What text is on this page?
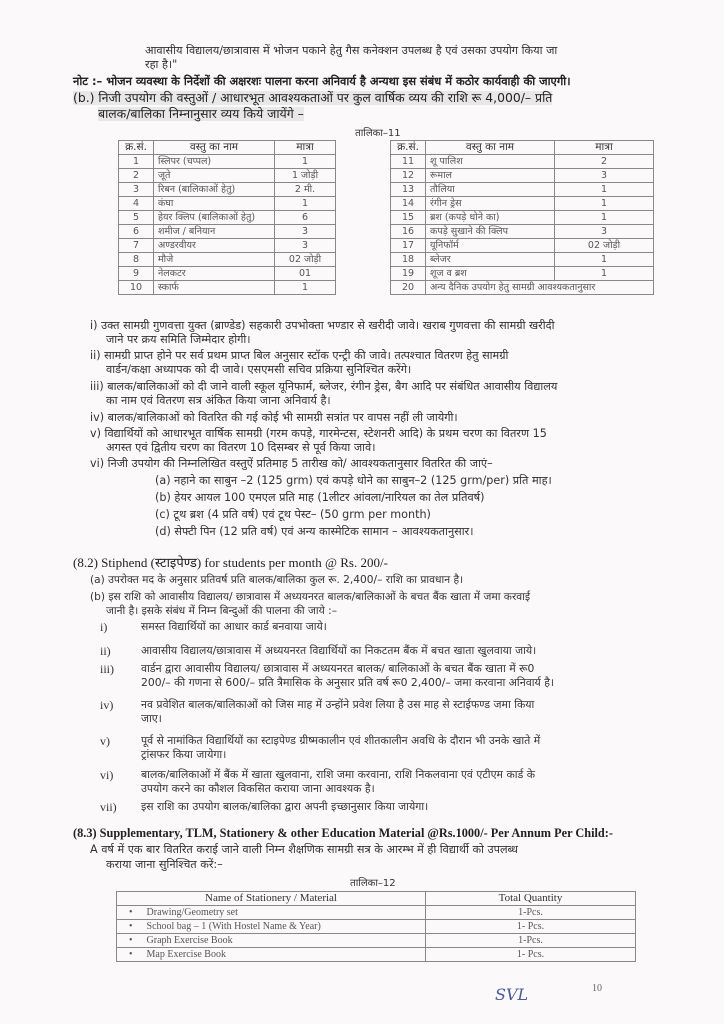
आवासीय विद्यालय/छात्रावास में भोजन पकाने हेतु गैस कनेक्शन उपलब्ध है एवं उसका उपयोग किया जा
रहा है।"
नोट :– भोजन व्यवस्था के निर्देशों की अक्षरशः पालना करना अनिवार्य है अन्यथा इस संबंध में कठोर कार्यवाही की जाएगी।
(b.) निजी उपयोग की वस्तुओं / आधारभूत आवश्यकताओं पर कुल वार्षिक व्यय की राशि रू 4,000/– प्रति
बालक/बालिका निम्नानुसार व्यय किये जायेंगे –
तालिका–11
क्र.सं.	वस्तु का नाम	मात्रा
1	स्लिपर (चप्पल)	1
2	जूते	1 जोड़ी
3	रिबन (बालिकाओं हेतु)	2 मी.
4	कंघा	1
5	हेयर क्लिप (बालिकाओं हेतु)	6
6	शमीज / बनियान	3
7	अण्डरवीयर	3
8	मौजे	02 जोड़ी
9	नेलकटर	01
10	स्कार्फ	1
क्र.सं.	वस्तु का नाम	मात्रा
11	शू पालिश	2
12	रूमाल	3
13	तौलिया	1
14	रंगीन ड्रेस	1
15	ब्रश (कपड़े धोने का)	1
16	कपड़े सुखाने की क्लिप	3
17	यूनिफॉर्म	02 जोड़ी
18	ब्लेजर	1
19	शूज व ब्रश	1
20	अन्य दैनिक उपयोग हेतु सामग्री आवश्यकतानुसार	
i) उक्त सामग्री गुणवत्ता युक्त (ब्राण्डेड) सहकारी उपभोक्ता भण्डार से खरीदी जावे। खराब गुणवत्ता की सामग्री खरीदी
जाने पर क्रय समिति जिम्मेदार होगी।
ii) सामग्री प्राप्त होने पर सर्व प्रथम प्राप्त बिल अनुसार स्टॉक एन्ट्री की जावे। तत्पश्चात वितरण हेतु सामग्री
वार्डन/कक्षा अध्यापक को दी जावे। एसएमसी सचिव प्रक्रिया सुनिश्चित करेंगे।
iii) बालक/बालिकाओं को दी जाने वाली स्कूल यूनिफार्म, ब्लेजर, रंगीन ड्रेस, बैग आदि पर संबंधित आवासीय विद्यालय
का नाम एवं वितरण सत्र अंकित किया जाना अनिवार्य है।
iv) बालक/बालिकाओं को वितरित की गई कोई भी सामग्री सत्रांत पर वापस नहीं ली जायेगी।
v) विद्यार्थियों को आधारभूत वार्षिक सामग्री (गरम कपड़े, गारमेन्टस, स्टेशनरी आदि) के प्रथम चरण का वितरण 15
अगस्त एवं द्वितीय चरण का वितरण 10 दिसम्बर से पूर्व किया जावे।
vi) निजी उपयोग की निम्नलिखित वस्तुऐं प्रतिमाह 5 तारीख को/ आवश्यकतानुसार वितरित की जाएं–
(a) नहाने का साबुन –2 (125 grm) एवं कपड़े धोने का साबुन–2 (125 grm/per) प्रति माह।
(b) हेयर आयल 100 एमएल प्रति माह (1लीटर आंवला/नारियल का तेल प्रतिवर्ष)
(c) टूथ ब्रश (4 प्रति वर्ष) एवं टूथ पेस्ट– (50 grm per month)
(d) सेफ्टी पिन (12 प्रति वर्ष) एवं अन्य कास्मेटिक सामान – आवश्यकतानुसार।
(8.2) Stiphend (स्टाइपेण्ड) for students per month @ Rs. 200/-
(a) उपरोक्त मद के अनुसार प्रतिवर्ष प्रति बालक/बालिका कुल रू. 2,400/– राशि का प्रावधान है।
(b) इस राशि को आवासीय विद्यालय/ छात्रावास में अध्ययनरत बालक/बालिकाओं के बचत बैंक खाता में जमा करवाई
जानी है। इसके संबंध में निम्न बिन्दुओं की पालना की जाये :–
i)	समस्त विद्यार्थियों का आधार कार्ड बनवाया जाये।
ii)	आवासीय विद्यालय/छात्रावास में अध्ययनरत विद्यार्थियों का निकटतम बैंक में बचत खाता खुलवाया जाये।
iii)	वार्डन द्वारा आवासीय विद्यालय/ छात्रावास में अध्ययनरत बालक/ बालिकाओं के बचत बैंक खाता में रू0
200/– की गणना से 600/– प्रति त्रैमासिक के अनुसार प्रति वर्ष रू0 2,400/– जमा करवाना अनिवार्य है।
iv)	नव प्रवेशित बालक/बालिकाओं को जिस माह में उन्होंने प्रवेश लिया है उस माह से स्टाईफण्ड जमा किया
जाए।
v)	पूर्व से नामांकित विद्यार्थियों का स्टाइपेण्ड ग्रीष्मकालीन एवं शीतकालीन अवधि के दौरान भी उनके खाते में
ट्रांसफर किया जायेगा।
vi)	बालक/बालिकाओं में बैंक में खाता खुलवाना, राशि जमा करवाना, राशि निकलवाना एवं एटीएम कार्ड के
उपयोग करने का कौशल विकसित कराया जाना आवश्यक है।
vii) इस राशि का उपयोग बालक/बालिका द्वारा अपनी इच्छानुसार किया जायेगा।
(8.3) Supplementary, TLM, Stationery & other Education Material @Rs.1000/- Per Annum Per Child:-
A वर्ष में एक बार वितरित कराई जाने वाली निम्न शैक्षणिक सामग्री सत्र के आरम्भ में ही विद्यार्थी को उपलब्ध
कराया जाना सुनिश्चित करें:–
तालिका–12
Name of Stationery / Material	Total Quantity
• Drawing/Geometry set	1-Pcs.
• School bag – 1 (With Hostel Name & Year)	1- Pcs.
• Graph Exercise Book	1-Pcs.
• Map Exercise Book	1- Pcs.
SVL	10
